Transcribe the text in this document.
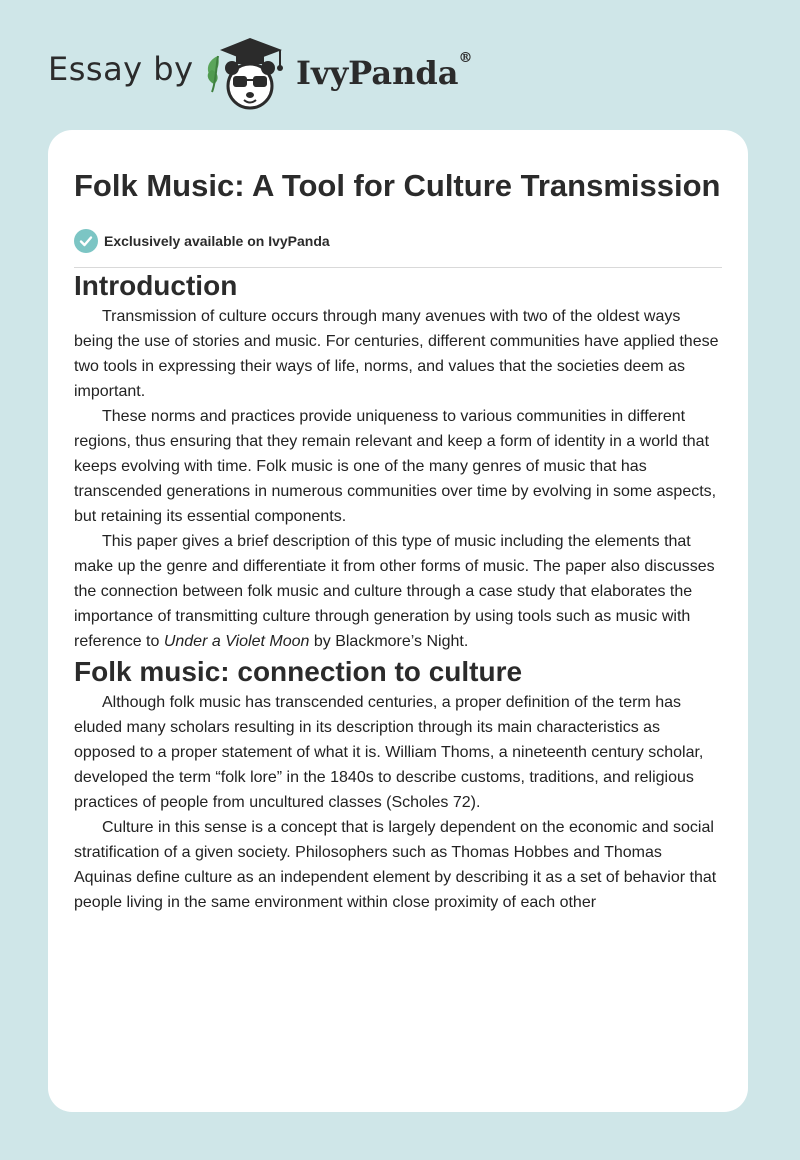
Essay by	IvyPanda®
Folk Music: A Tool for Culture Transmission
Exclusively available on IvyPanda
Introduction

Transmission of culture occurs through many avenues with two of the oldest ways being the use of stories and music. For centuries, different communities have applied these two tools in expressing their ways of life, norms, and values that the societies deem as important.

These norms and practices provide uniqueness to various communities in different regions, thus ensuring that they remain relevant and keep a form of identity in a world that keeps evolving with time. Folk music is one of the many genres of music that has transcended generations in numerous communities over time by evolving in some aspects, but retaining its essential components.

This paper gives a brief description of this type of music including the elements that make up the genre and differentiate it from other forms of music. The paper also discusses the connection between folk music and culture through a case study that elaborates the importance of transmitting culture through generation by using tools such as music with reference to Under a Violet Moon by Blackmore’s Night.

Folk music: connection to culture

Although folk music has transcended centuries, a proper definition of the term has eluded many scholars resulting in its description through its main characteristics as opposed to a proper statement of what it is. William Thoms, a nineteenth century scholar, developed the term “folk lore” in the 1840s to describe customs, traditions, and religious practices of people from uncultured classes (Scholes 72).

Culture in this sense is a concept that is largely dependent on the economic and social stratification of a given society. Philosophers such as Thomas Hobbes and Thomas Aquinas define culture as an independent element by describing it as a set of behavior that people living in the same environment within close proximity of each other
